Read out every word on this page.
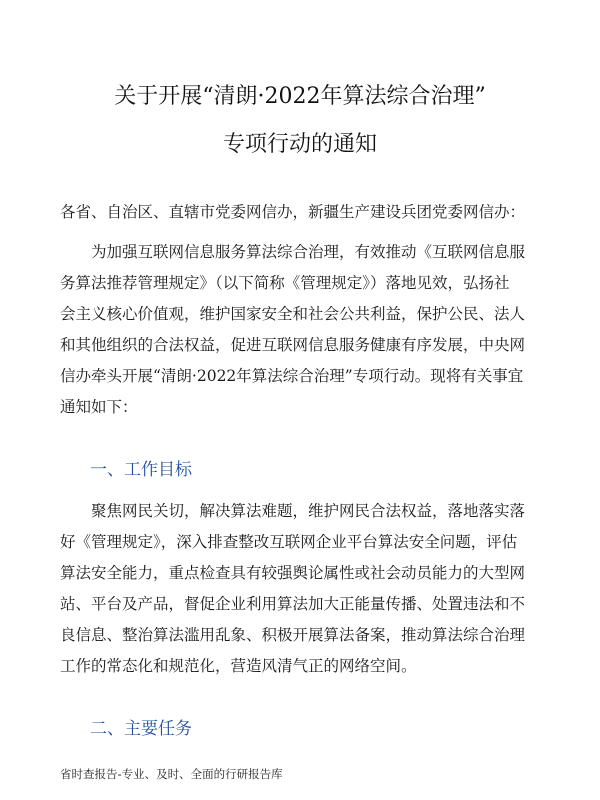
关于开展“清朗·2022年算法综合治理”
专项行动的通知
各省、自治区、直辖市党委网信办，新疆生产建设兵团党委网信办：
为加强互联网信息服务算法综合治理，有效推动《互联网信息服
务算法推荐管理规定》（以下简称《管理规定》）落地见效，弘扬社
会主义核心价值观，维护国家安全和社会公共利益，保护公民、法人
和其他组织的合法权益，促进互联网信息服务健康有序发展，中央网
信办牵头开展“清朗·2022年算法综合治理”专项行动。现将有关事宜
通知如下：
一、工作目标
聚焦网民关切，解决算法难题，维护网民合法权益，落地落实落
好《管理规定》，深入排查整改互联网企业平台算法安全问题，评估
算法安全能力，重点检查具有较强舆论属性或社会动员能力的大型网
站、平台及产品，督促企业利用算法加大正能量传播、处置违法和不
良信息、整治算法滥用乱象、积极开展算法备案，推动算法综合治理
工作的常态化和规范化，营造风清气正的网络空间。
二、主要任务
省时查报告-专业、及时、全面的行研报告库
